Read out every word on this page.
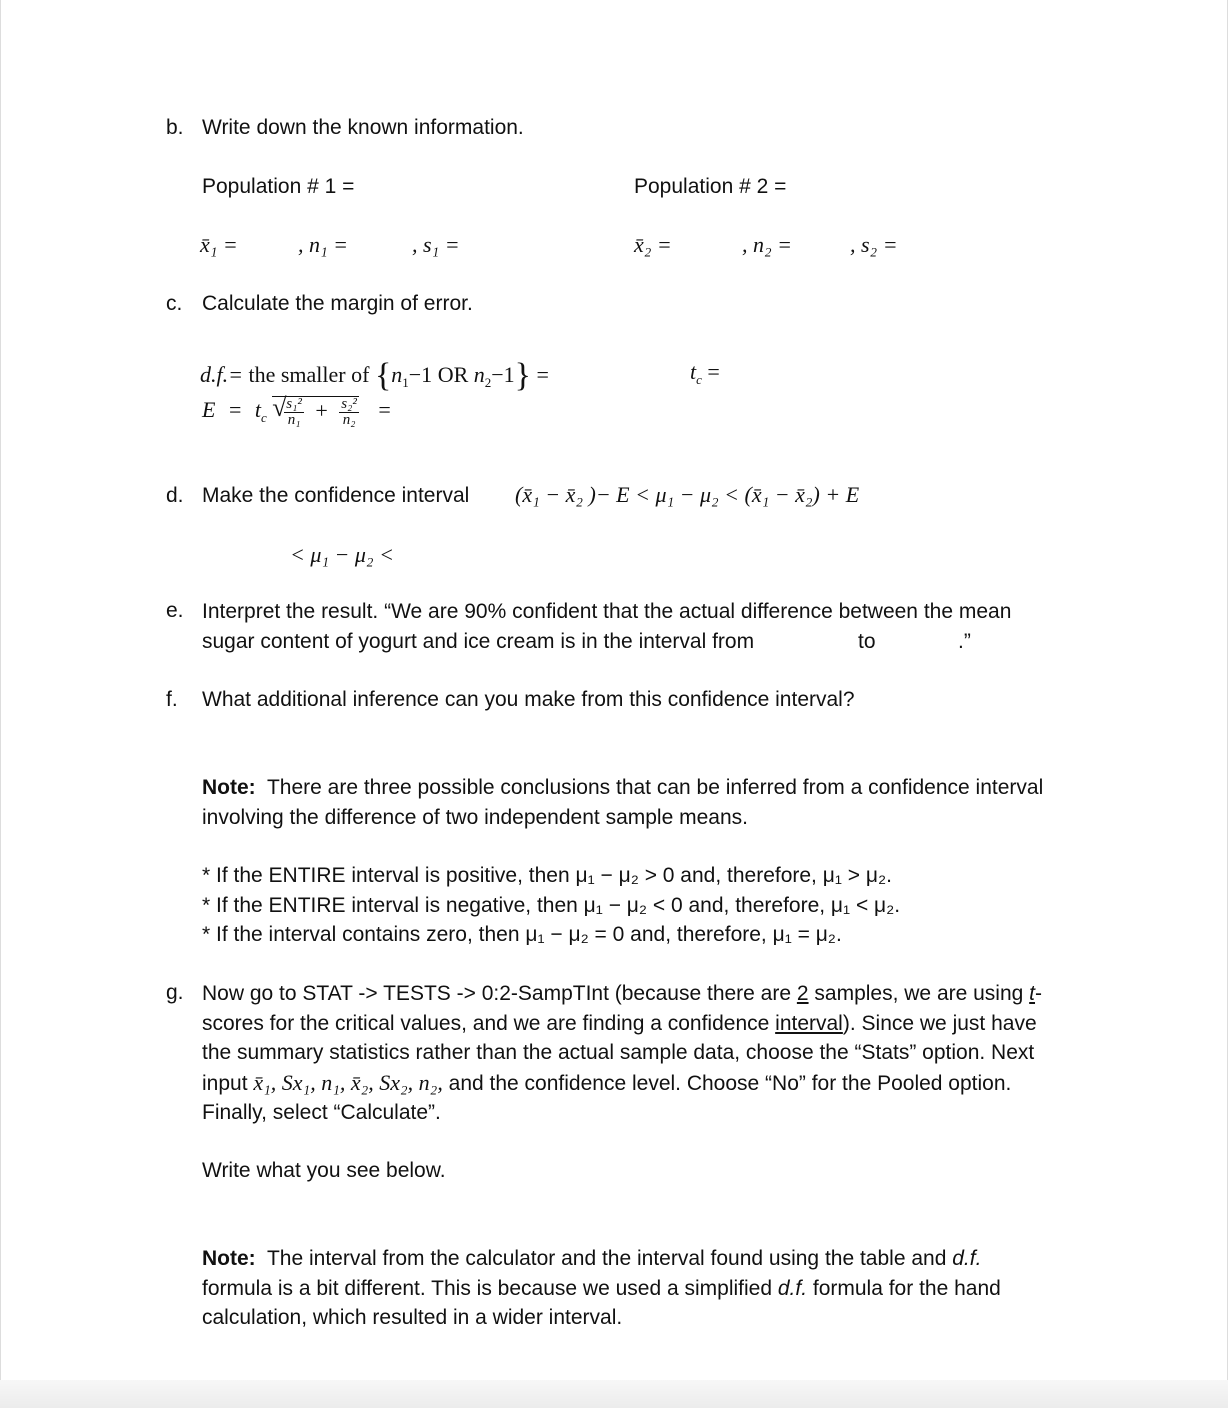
b. Write down the known information.
Population # 1 =	Population # 2 =
x̄₁ =	, n₁ =	, s₁ =	x̄₂ =	, n₂ =	, s₂ =
c. Calculate the margin of error.
d.f.= the smaller of {$n_1-1$ OR $n_2-1$} =	$t_c$ =
$E = t_c$ √
$\frac{\text{s₁²}}{\text{n₁}} + \frac{\text{s₂²}}{\text{n₂}}$ =
d. Make the confidence interval (x̄₁ − x̄₂ )− E < μ₁ − μ₂ < (x̄₁ − x̄₂) + E
< μ₁ − μ₂ <
e. Interpret the result. “We are 90% confident that the actual difference between the mean

sugar content of yogurt and ice cream is in the interval from	to	.”

f. What additional inference can you make from this confidence interval?

Note: There are three possible conclusions that can be inferred from a confidence interval

involving the difference of two independent sample means.

* If the ENTIRE interval is positive, then μ₁ − μ₂ > 0 and, therefore, μ₁ > μ₂.
* If the ENTIRE interval is negative, then μ₁ − μ₂ < 0 and, therefore, μ₁ < μ₂.
* If the interval contains zero, then μ₁ − μ₂ = 0 and, therefore, μ₁ = μ₂.
g. Now go to STAT -> TESTS -> 0:2-SampTInt (because there are 2 samples, we are using t-

scores for the critical values, and we are finding a confidence interval). Since we just have

the summary statistics rather than the actual sample data, choose the “Stats” option. Next

input x̄₁, Sx₁, n₁, x̄₂, Sx₂, n₂, and the confidence level. Choose “No” for the Pooled option.

Finally, select “Calculate”.

Write what you see below.

Note: The interval from the calculator and the interval found using the table and d.f.

formula is a bit different. This is because we used a simplified d.f. formula for the hand

calculation, which resulted in a wider interval.
